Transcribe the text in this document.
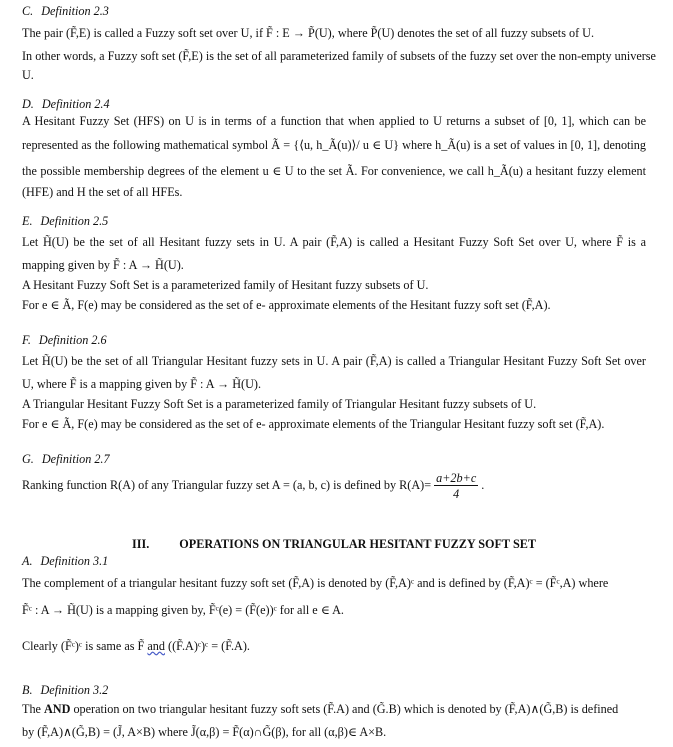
C. Definition 2.3
The pair (F̃,E) is called a Fuzzy soft set over U, if F̃ : E → P̃(U), where P̃(U) denotes the set of all fuzzy subsets of U.
In other words, a Fuzzy soft set (F̃,E) is the set of all parameterized family of subsets of the fuzzy set over the non-empty universe
U.
D. Definition 2.4
A Hesitant Fuzzy Set (HFS) on U is in terms of a function that when applied to U returns a subset of [0, 1], which can be
represented as the following mathematical symbol Ã = {⟨u, h_Ã(u)⟩/ u ∈ U} where h_Ã(u) is a set of values in [0, 1], denoting
the possible membership degrees of the element u ∈ U to the set Ã. For convenience, we call h_Ã(u) a hesitant fuzzy element
(HFE) and H the set of all HFEs.
E. Definition 2.5
Let H̃(U) be the set of all Hesitant fuzzy sets in U. A pair (F̃,A) is called a Hesitant Fuzzy Soft Set over U, where F̃ is a
mapping given by F̃ : A → H̃(U).
A Hesitant Fuzzy Soft Set is a parameterized family of Hesitant fuzzy subsets of U.
For e ∈ Ã, F(e) may be considered as the set of e- approximate elements of the Hesitant fuzzy soft set (F̃,A).
F. Definition 2.6
Let H̃(U) be the set of all Triangular Hesitant fuzzy sets in U. A pair (F̃,A) is called a Triangular Hesitant Fuzzy Soft Set over
U, where F̃ is a mapping given by F̃ : A → H̃(U).
A Triangular Hesitant Fuzzy Soft Set is a parameterized family of Triangular Hesitant fuzzy subsets of U.
For e ∈ Ã, F(e) may be considered as the set of e- approximate elements of the Triangular Hesitant fuzzy soft set (F̃,A).
G. Definition 2.7
Ranking function R(A) of any Triangular fuzzy set A = (a, b, c) is defined by $R(A)= \frac{a+2b+c}{4}$ .
III. OPERATIONS ON TRIANGULAR HESITANT FUZZY SOFT SET
A. Definition 3.1
The complement of a triangular hesitant fuzzy soft set (F̃,A) is denoted by (F̃,A)ᶜ and is defined by (F̃,A)ᶜ = (F̃ᶜ,A) where
F̃ᶜ : A → H̃(U) is a mapping given by, F̃ᶜ(e) = (F̃(e))ᶜ for all e ∈ A.
Clearly (F̃ᶜ)ᶜ is same as F̃ and ((F̃.A)ᶜ)ᶜ = (F̃.A).
B. Definition 3.2
The AND operation on two triangular hesitant fuzzy soft sets (F̃.A) and (G̃.B) which is denoted by (F̃,A)∧(G̃,B) is defined
by (F̃,A)∧(G̃,B) = (J̃, A×B) where J̃(α,β) = F̃(α)∩G̃(β), for all (α,β)∈ A×B.
